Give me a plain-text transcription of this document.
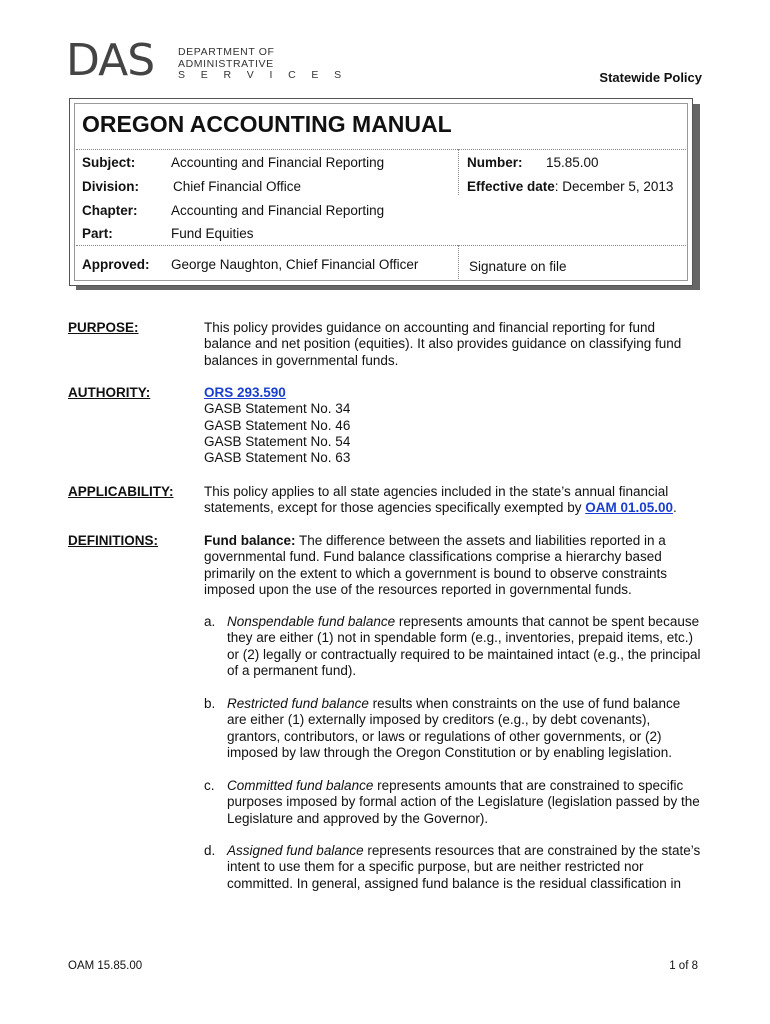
DAS DEPARTMENT OF
ADMINISTRATIVE
S E R V I C E S	Statewide Policy
OREGON ACCOUNTING MANUAL
Subject:	Accounting and Financial Reporting	Number: 15.85.00
Division:	Chief Financial Office	Effective date: December 5, 2013
Chapter: Accounting and Financial Reporting
Part:	Fund Equities
Approved: George Naughton, Chief Financial Officer	Signature on file
PURPOSE:	This policy provides guidance on accounting and financial reporting for fund balance and net position (equities). It also provides guidance on classifying fund balances in governmental funds.
AUTHORITY:	ORS 293.590
GASB Statement No. 34
GASB Statement No. 46
GASB Statement No. 54
GASB Statement No. 63
APPLICABILITY: This policy applies to all state agencies included in the state’s annual financial statements, except for those agencies specifically exempted by OAM 01.05.00.
DEFINITIONS:	Fund balance: The difference between the assets and liabilities reported in a governmental fund. Fund balance classifications comprise a hierarchy based primarily on the extent to which a government is bound to observe constraints imposed upon the use of the resources reported in governmental funds.
a. Nonspendable fund balance represents amounts that cannot be spent because they are either (1) not in spendable form (e.g., inventories, prepaid items, etc.) or (2) legally or contractually required to be maintained intact (e.g., the principal of a permanent fund).
b. Restricted fund balance results when constraints on the use of fund balance are either (1) externally imposed by creditors (e.g., by debt covenants), grantors, contributors, or laws or regulations of other governments, or (2) imposed by law through the Oregon Constitution or by enabling legislation.
c. Committed fund balance represents amounts that are constrained to specific purposes imposed by formal action of the Legislature (legislation passed by the Legislature and approved by the Governor).
d. Assigned fund balance represents resources that are constrained by the state’s intent to use them for a specific purpose, but are neither restricted nor committed. In general, assigned fund balance is the residual classification in
OAM 15.85.00	1 of 8
